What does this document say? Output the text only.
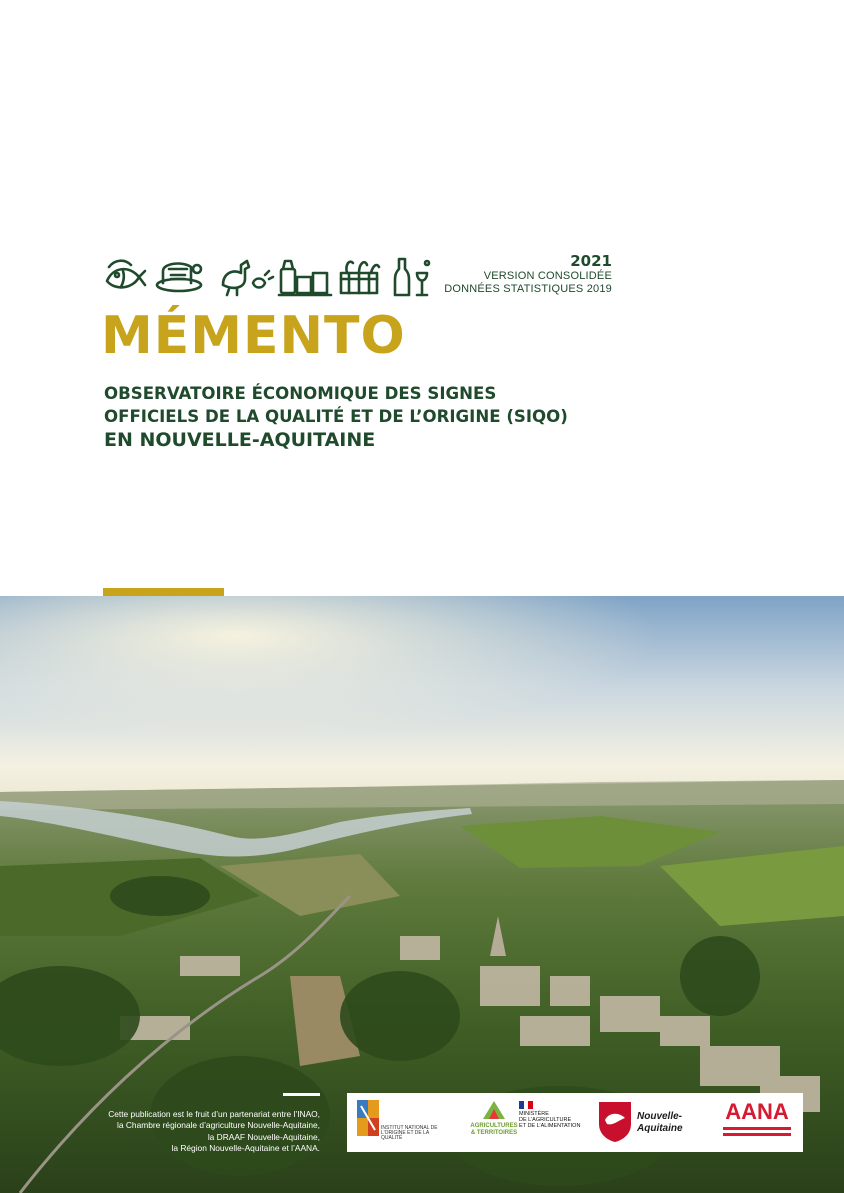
2021
VERSION CONSOLIDÉE
DONNÉES STATISTIQUES 2019
MÉMENTO
OBSERVATOIRE ÉCONOMIQUE DES SIGNES
OFFICIELS DE LA QUALITÉ ET DE L’ORIGINE (SIQO)
EN NOUVELLE-AQUITAINE
Cette publication est le fruit d’un partenariat entre l’INAO,
la Chambre régionale d’agriculture Nouvelle-Aquitaine,
la DRAAF Nouvelle-Aquitaine,
la Région Nouvelle-Aquitaine et l’AANA.
INSTITUT NATIONAL DE L’ORIGINE ET DE LA QUALITÉ
AGRICULTURES
& TERRITOIRES
MINISTÈRE
DE L’AGRICULTURE
ET DE L’ALIMENTATION
Nouvelle-
Aquitaine
AANA
